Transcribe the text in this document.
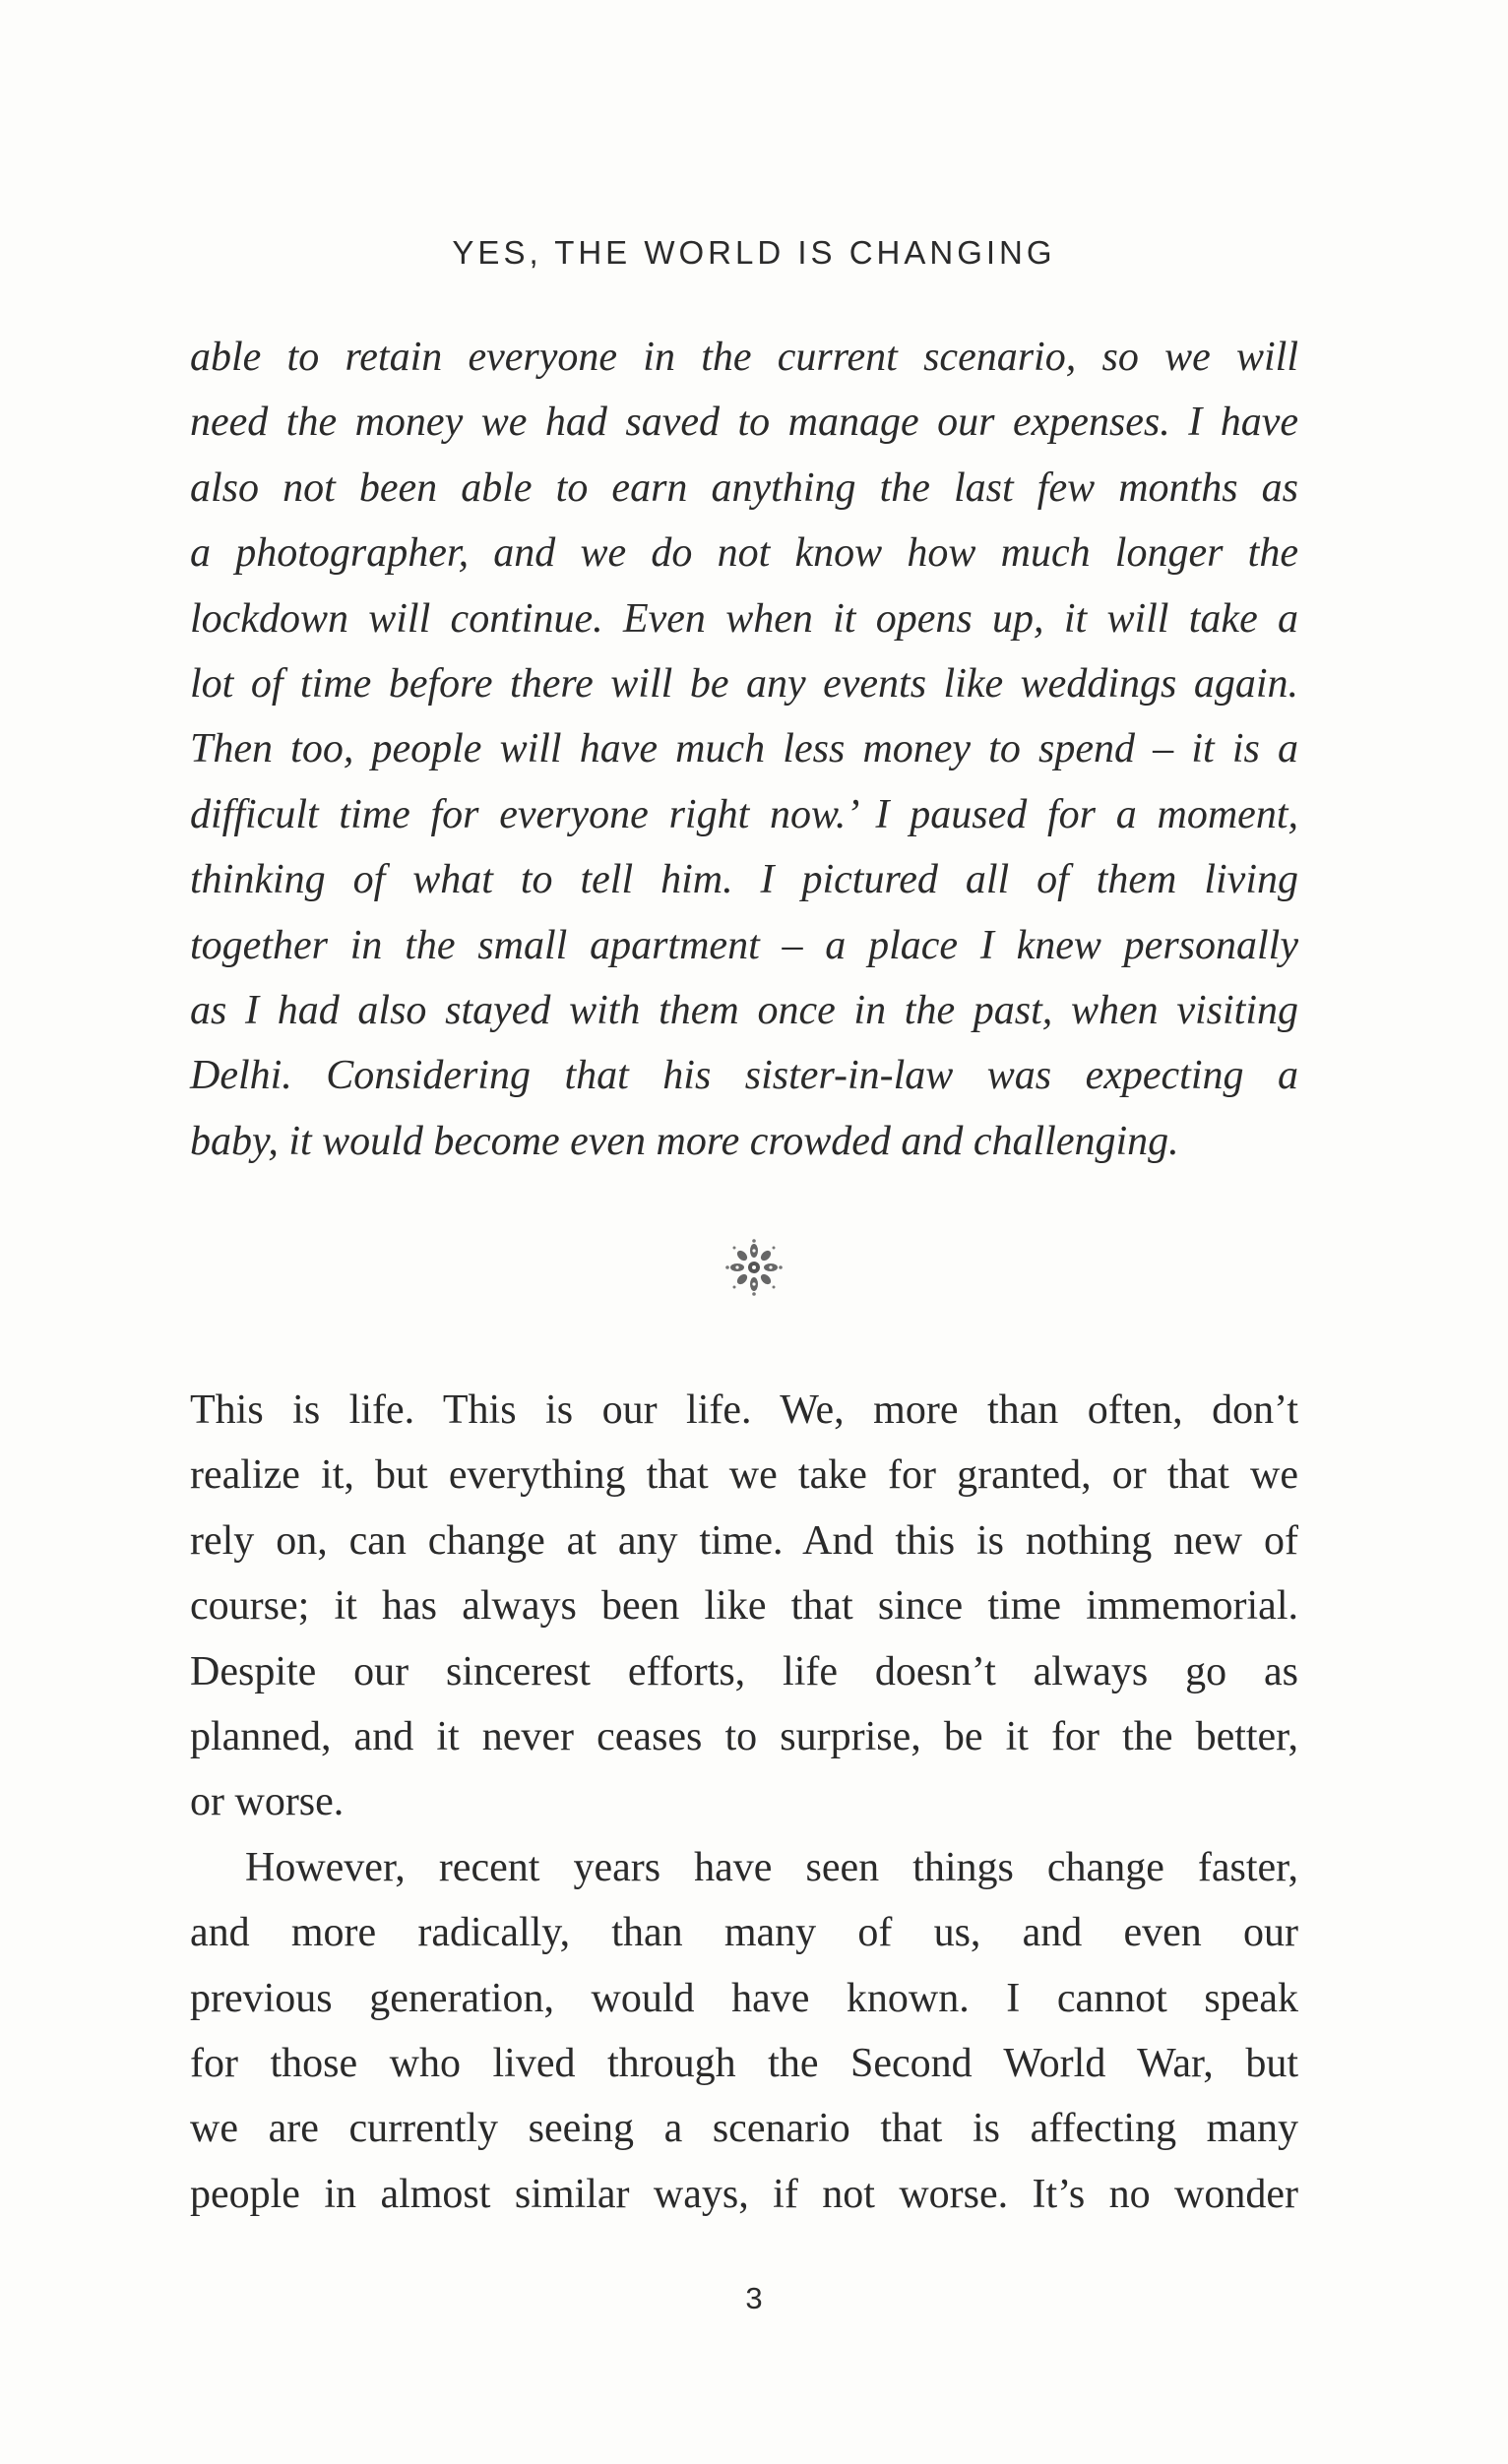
YES, THE WORLD IS CHANGING
able to retain everyone in the current scenario, so we will
need the money we had saved to manage our expenses. I have
also not been able to earn anything the last few months as
a photographer, and we do not know how much longer the
lockdown will continue. Even when it opens up, it will take a
lot of time before there will be any events like weddings again.
Then too, people will have much less money to spend – it is a
difficult time for everyone right now.’ I paused for a moment,
thinking of what to tell him. I pictured all of them living
together in the small apartment – a place I knew personally
as I had also stayed with them once in the past, when visiting
Delhi. Considering that his sister-in-law was expecting a
baby, it would become even more crowded and challenging.
This is life. This is our life. We, more than often, don’t
realize it, but everything that we take for granted, or that we
rely on, can change at any time. And this is nothing new of
course; it has always been like that since time immemorial.
Despite our sincerest efforts, life doesn’t always go as
planned, and it never ceases to surprise, be it for the better,
or worse.
However, recent years have seen things change faster,
and more radically, than many of us, and even our
previous generation, would have known. I cannot speak
for those who lived through the Second World War, but
we are currently seeing a scenario that is affecting many
people in almost similar ways, if not worse. It’s no wonder
3
